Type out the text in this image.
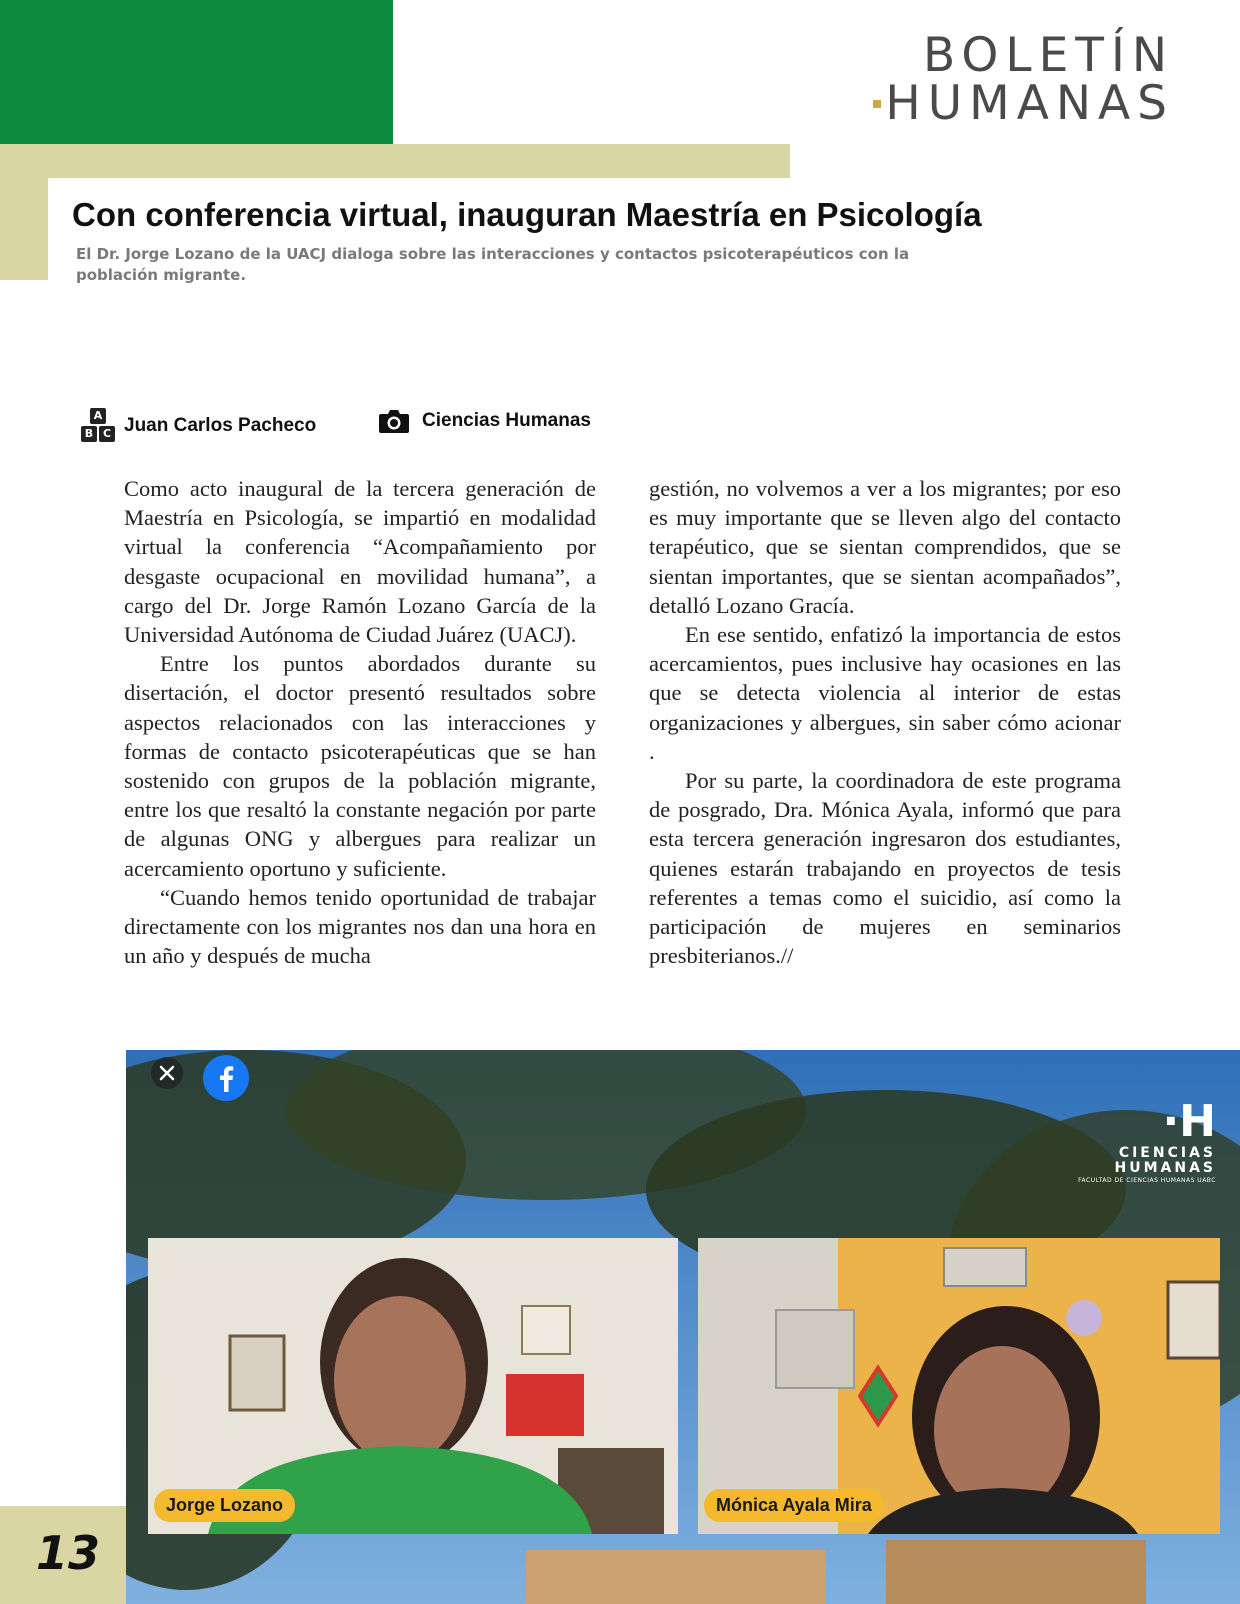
BOLETÍN
HUMANAS
Con conferencia virtual, inauguran Maestría en Psicología

El Dr. Jorge Lozano de la UACJ dialoga sobre las interacciones y contactos psicoterapéuticos con la población migrante.

A
B C Juan Carlos Pacheco	Ciencias Humanas

Como acto inaugural de la tercera generación de Maestría en Psicología, se impartió en modalidad virtual la conferencia “Acompañamiento por desgaste ocupacional en movilidad humana”, a cargo del Dr. Jorge Ramón Lozano García de la Universidad Autónoma de Ciudad Juárez (UACJ).

Entre los puntos abordados durante su disertación, el doctor presentó resultados sobre aspectos relacionados con las interacciones y formas de contacto psicoterapéuticas que se han sostenido con grupos de la población migrante, entre los que resaltó la constante negación por parte de algunas ONG y albergues para realizar un acercamiento oportuno y suficiente.

“Cuando hemos tenido oportunidad de trabajar directamente con los migrantes nos dan una hora en un año y después de mucha

gestión, no volvemos a ver a los migrantes; por eso es muy importante que se lleven algo del contacto terapéutico, que se sientan comprendidos, que se sientan importantes, que se sientan acompañados”, detalló Lozano Gracía.

En ese sentido, enfatizó la importancia de estos acercamientos, pues inclusive hay ocasiones en las que se detecta violencia al interior de estas organizaciones y albergues, sin saber cómo acionar .

Por su parte, la coordinadora de este programa de posgrado, Dra. Mónica Ayala, informó que para esta tercera generación ingresaron dos estudiantes, quienes estarán trabajando en proyectos de tesis referentes a temas como el suicidio, así como la participación de mujeres en seminarios presbiterianos.//

·H
CIENCIAS
HUMANAS
FACULTAD DE CIENCIAS HUMANAS UABC
Jorge Lozano	Mónica Ayala Mira
13
